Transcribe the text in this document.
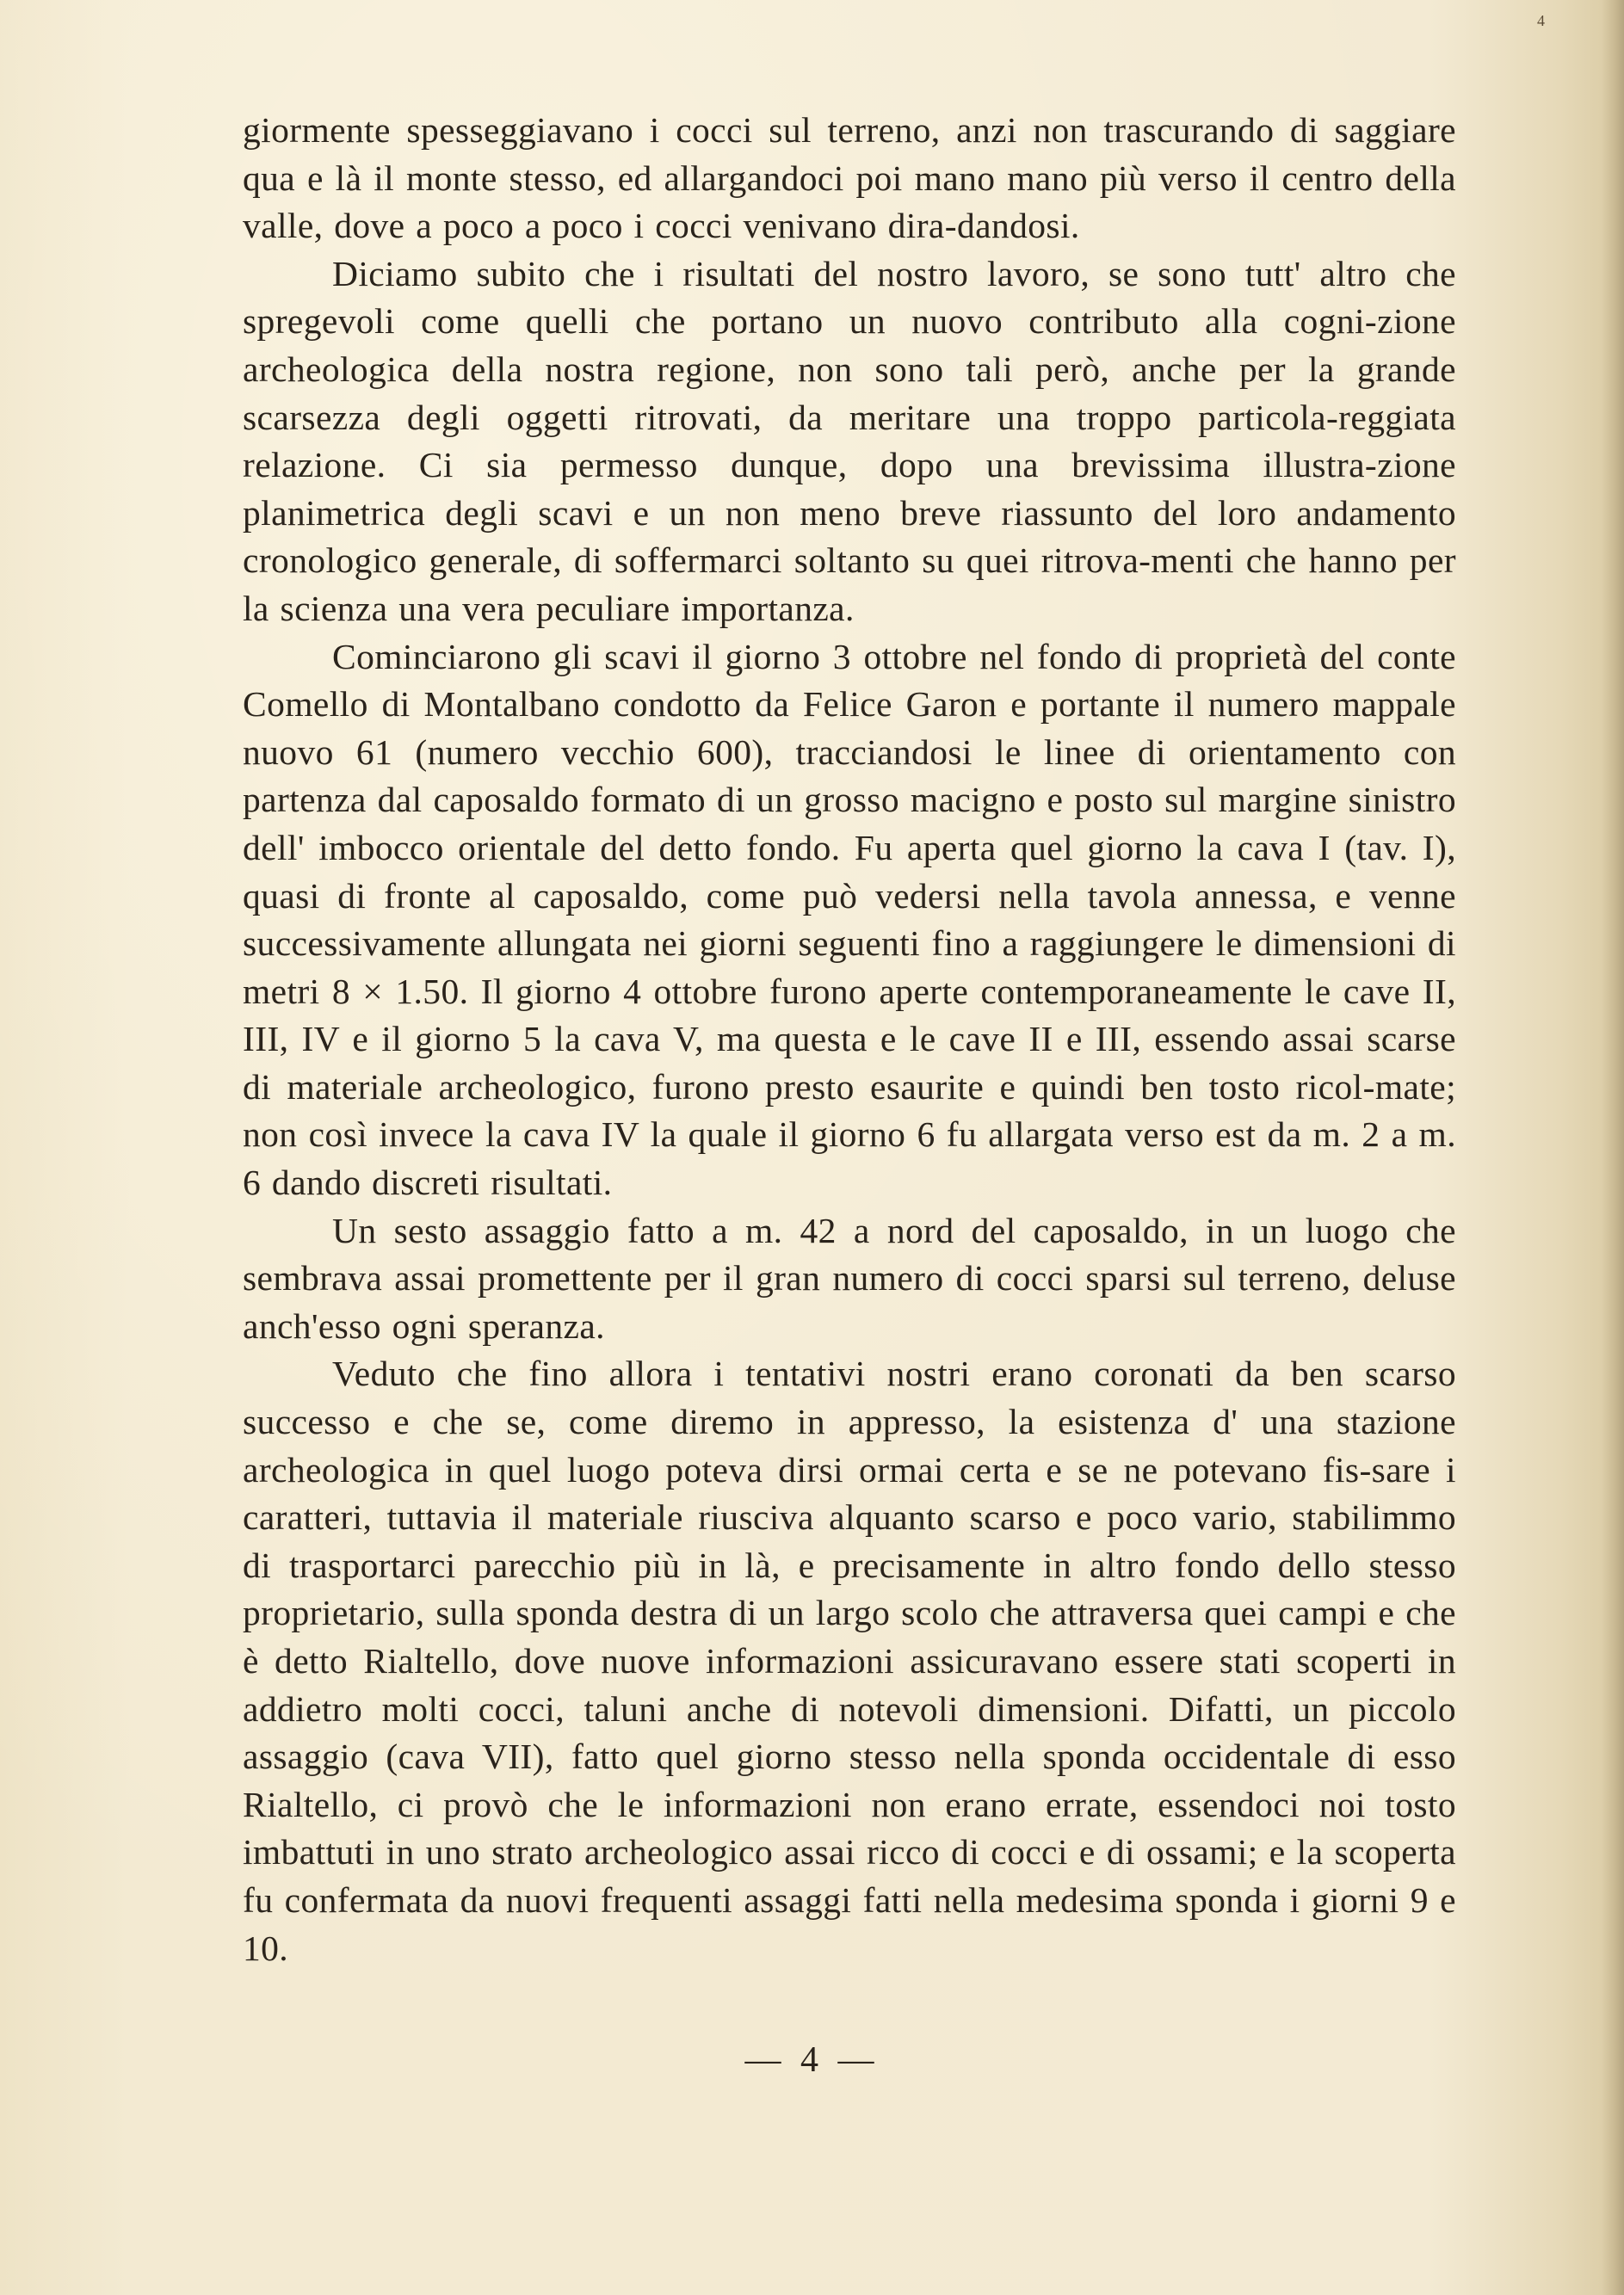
4

giormente spesseggiavano i cocci sul terreno, anzi non trascurando di saggiare qua e là il monte stesso, ed allargandoci poi mano mano più verso il centro della valle, dove a poco a poco i cocci venivano dira-dandosi.

Diciamo subito che i risultati del nostro lavoro, se sono tutt' altro che spregevoli come quelli che portano un nuovo contributo alla cogni-zione archeologica della nostra regione, non sono tali però, anche per la grande scarsezza degli oggetti ritrovati, da meritare una troppo particola-reggiata relazione. Ci sia permesso dunque, dopo una brevissima illustra-zione planimetrica degli scavi e un non meno breve riassunto del loro andamento cronologico generale, di soffermarci soltanto su quei ritrova-menti che hanno per la scienza una vera peculiare importanza.

Cominciarono gli scavi il giorno 3 ottobre nel fondo di proprietà del conte Comello di Montalbano condotto da Felice Garon e portante il numero mappale nuovo 61 (numero vecchio 600), tracciandosi le linee di orientamento con partenza dal caposaldo formato di un grosso macigno e posto sul margine sinistro dell' imbocco orientale del detto fondo. Fu aperta quel giorno la cava I (tav. I), quasi di fronte al caposaldo, come può vedersi nella tavola annessa, e venne successivamente allungata nei giorni seguenti fino a raggiungere le dimensioni di metri 8 × 1.50. Il giorno 4 ottobre furono aperte contemporaneamente le cave II, III, IV e il giorno 5 la cava V, ma questa e le cave II e III, essendo assai scarse di materiale archeologico, furono presto esaurite e quindi ben tosto ricol-mate; non così invece la cava IV la quale il giorno 6 fu allargata verso est da m. 2 a m. 6 dando discreti risultati.

Un sesto assaggio fatto a m. 42 a nord del caposaldo, in un luogo che sembrava assai promettente per il gran numero di cocci sparsi sul terreno, deluse anch'esso ogni speranza.

Veduto che fino allora i tentativi nostri erano coronati da ben scarso successo e che se, come diremo in appresso, la esistenza d' una stazione archeologica in quel luogo poteva dirsi ormai certa e se ne potevano fis-sare i caratteri, tuttavia il materiale riusciva alquanto scarso e poco vario, stabilimmo di trasportarci parecchio più in là, e precisamente in altro fondo dello stesso proprietario, sulla sponda destra di un largo scolo che attraversa quei campi e che è detto Rialtello, dove nuove informazioni assicuravano essere stati scoperti in addietro molti cocci, taluni anche di notevoli dimensioni. Difatti, un piccolo assaggio (cava VII), fatto quel giorno stesso nella sponda occidentale di esso Rialtello, ci provò che le informazioni non erano errate, essendoci noi tosto imbattuti in uno strato archeologico assai ricco di cocci e di ossami; e la scoperta fu confermata da nuovi frequenti assaggi fatti nella medesima sponda i giorni 9 e 10.

— 4 —
